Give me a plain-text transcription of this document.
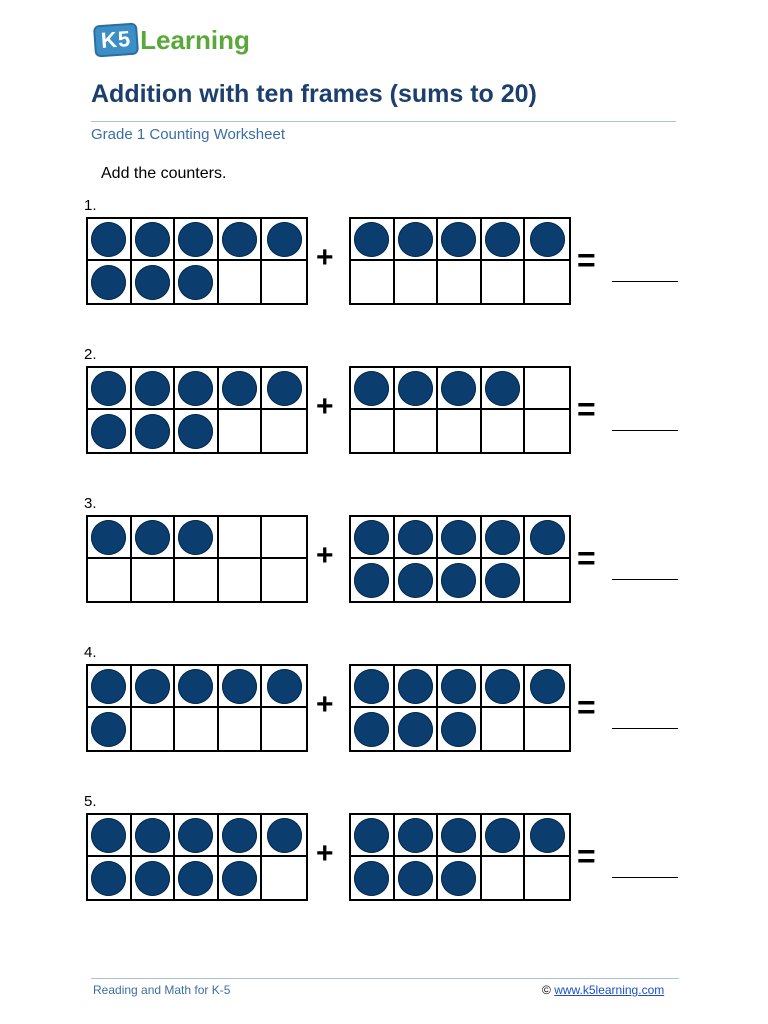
K5 Learning
Addition with ten frames (sums to 20)
Grade 1 Counting Worksheet
Add the counters.
1.
+	=
2.
+	=
3.
+	=
4.
+	=
5.
+	=
Reading and Math for K-5	© www.k5learning.com
